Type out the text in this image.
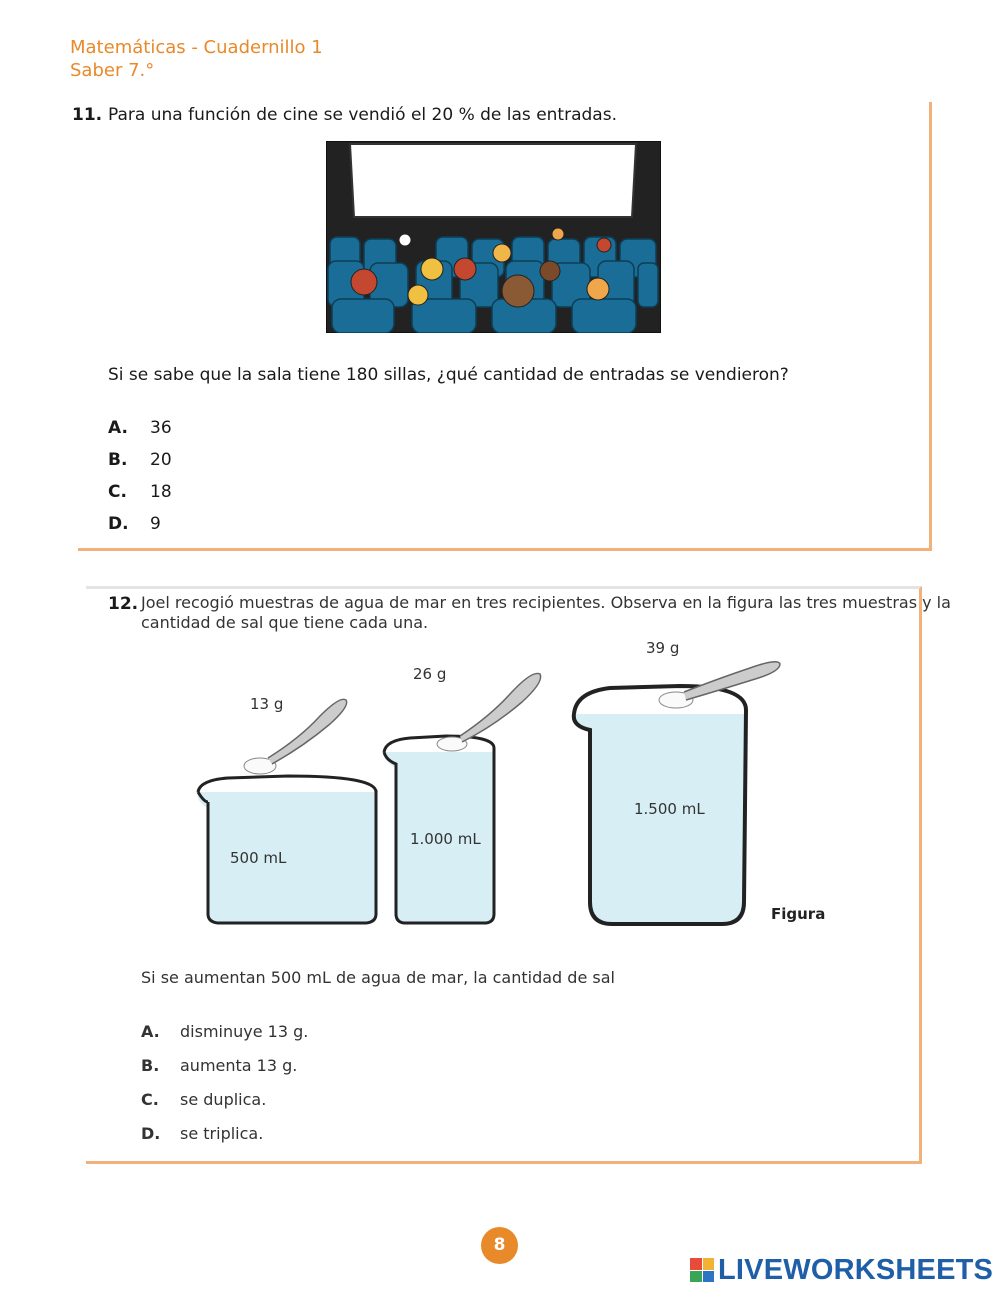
Matemáticas - Cuadernillo 1
Saber 7.°
11. Para una función de cine se vendió el 20 % de las entradas.
Si se sabe que la sala tiene 180 sillas, ¿qué cantidad de entradas se vendieron?
A. 36
B. 20
C. 18
D. 9
12. Joel recogió muestras de agua de mar en tres recipientes. Observa en la figura las tres muestras y la
cantidad de sal que tiene cada una.
13 g
500 mL
26 g
1.000 mL
39 g
1.500 mL
Figura
Si se aumentan 500 mL de agua de mar, la cantidad de sal
A. disminuye 13 g.
B. aumenta 13 g.
C. se duplica.
D. se triplica.
8
LIVEWORKSHEETS
